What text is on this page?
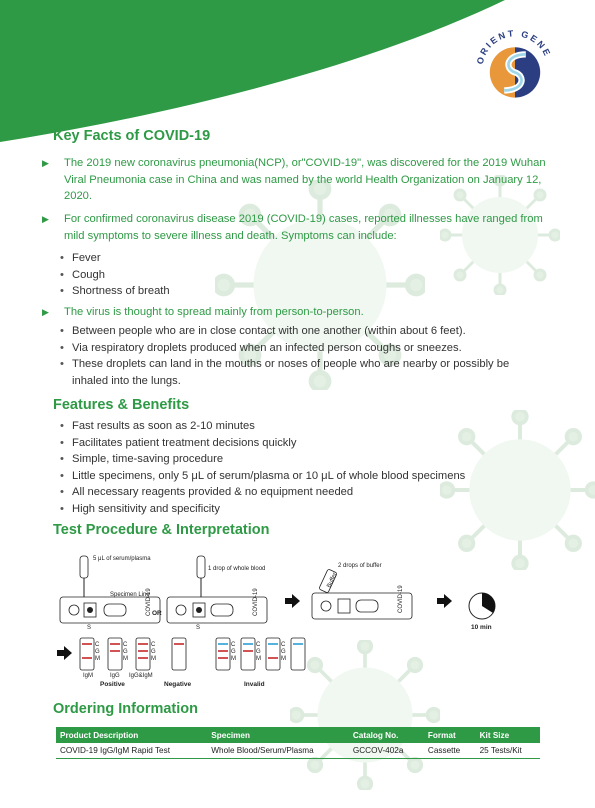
ORIENT GENE
Key Facts of COVID-19
▶ The 2019 new coronavirus pneumonia(NCP), or"COVID-19", was discovered for the 2019 Wuhan Viral Pneumonia case in China and was named by the world Health Organization on January 12, 2020.
▶ For confirmed coronavirus disease 2019 (COVID-19) cases, reported illnesses have ranged from mild symptoms to severe illness and death. Symptoms can include:
• Fever
• Cough
• Shortness of breath
▶ The virus is thought to spread mainly from person-to-person.
• Between people who are in close contact with one another (within about 6 feet).
• Via respiratory droplets produced when an infected person coughs or sneezes.
• These droplets can land in the mouths or noses of people who are nearby or possibly be inhaled into the lungs.
Features & Benefits
• Fast results as soon as 2-10 minutes
• Facilitates patient treatment decisions quickly
• Simple, time-saving procedure
• Little specimens, only 5 μL of serum/plasma or 10 μL of whole blood specimens
• All necessary reagents provided & no equipment needed
• High sensitivity and specificity
Test Procedure & Interpretation
5 μL of serum/plasma
Specimen Line
S
COVID-19 OR
1 drop of whole blood
S
COVID-19
Buffer
2 drops of buffer
COVID-19
10 min
C
G
M
C
G
M
C
G
M
IgM	IgG IgG&IgM
Positive	Negative
C
G
M
C
G
M
C
G
M
Invalid
Ordering Information
Product Description	Specimen	Catalog No.	Format	Kit Size
COVID-19 IgG/IgM Rapid Test	Whole Blood/Serum/Plasma	GCCOV-402a	Cassette	25 Tests/Kit
